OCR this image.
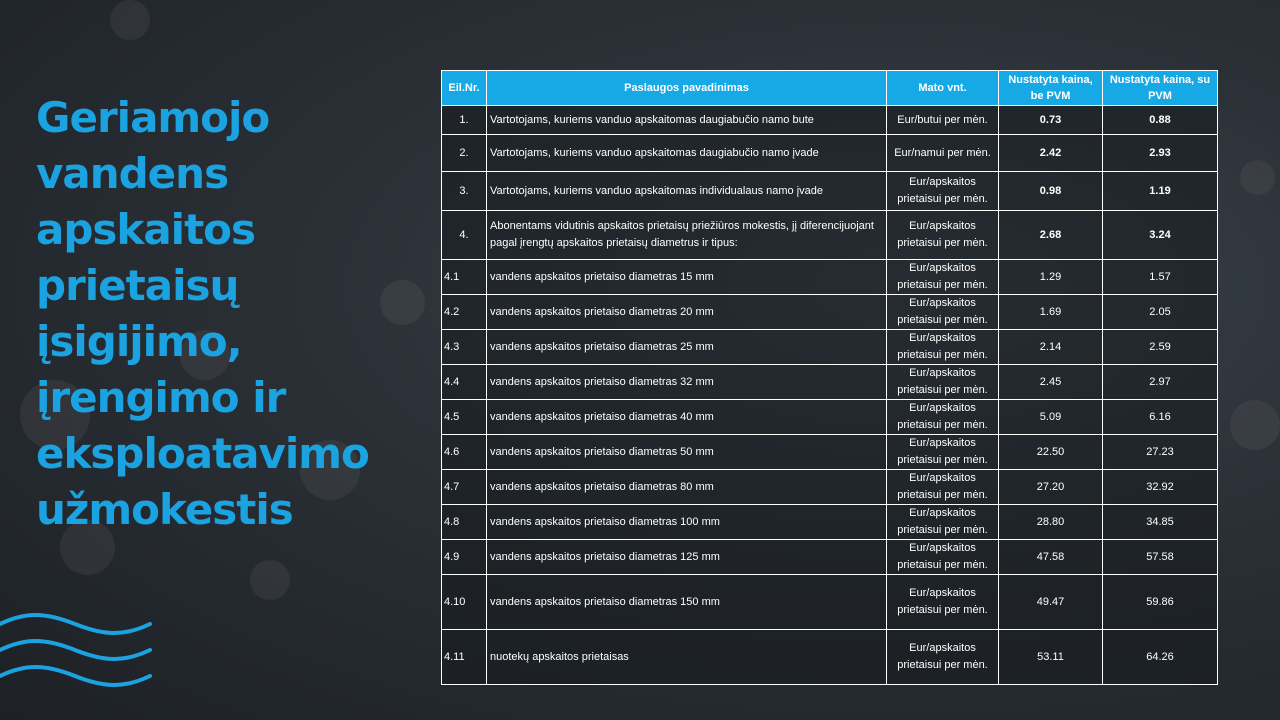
Geriamojo vandens apskaitos prietaisų įsigijimo, įrengimo ir eksploatavimo užmokestis
Eil.Nr.	Paslaugos pavadinimas	Mato vnt.	Nustatyta kaina, be PVM	Nustatyta kaina, su PVM
1.	Vartotojams, kuriems vanduo apskaitomas daugiabučio namo bute	Eur/butui per mėn.	0.73	0.88
2.	Vartotojams, kuriems vanduo apskaitomas daugiabučio namo įvade	Eur/namui per mėn.	2.42	2.93
3.	Vartotojams, kuriems vanduo apskaitomas individualaus namo įvade	Eur/apskaitos prietaisui per mėn.	0.98	1.19
4.	Abonentams vidutinis apskaitos prietaisų priežiūros mokestis, jį diferencijuojant pagal įrengtų apskaitos prietaisų diametrus ir tipus:	Eur/apskaitos prietaisui per mėn.	2.68	3.24
4.1	vandens apskaitos prietaiso diametras 15 mm	Eur/apskaitos prietaisui per mėn.	1.29	1.57
4.2	vandens apskaitos prietaiso diametras 20 mm	Eur/apskaitos prietaisui per mėn.	1.69	2.05
4.3	vandens apskaitos prietaiso diametras 25 mm	Eur/apskaitos prietaisui per mėn.	2.14	2.59
4.4	vandens apskaitos prietaiso diametras 32 mm	Eur/apskaitos prietaisui per mėn.	2.45	2.97
4.5	vandens apskaitos prietaiso diametras 40 mm	Eur/apskaitos prietaisui per mėn.	5.09	6.16
4.6	vandens apskaitos prietaiso diametras 50 mm	Eur/apskaitos prietaisui per mėn.	22.50	27.23
4.7	vandens apskaitos prietaiso diametras 80 mm	Eur/apskaitos prietaisui per mėn.	27.20	32.92
4.8	vandens apskaitos prietaiso diametras 100 mm	Eur/apskaitos prietaisui per mėn.	28.80	34.85
4.9	vandens apskaitos prietaiso diametras 125 mm	Eur/apskaitos prietaisui per mėn.	47.58	57.58
4.10	vandens apskaitos prietaiso diametras 150 mm	Eur/apskaitos prietaisui per mėn.	49.47	59.86
4.11	nuotekų apskaitos prietaisas	Eur/apskaitos prietaisui per mėn.	53.11	64.26
